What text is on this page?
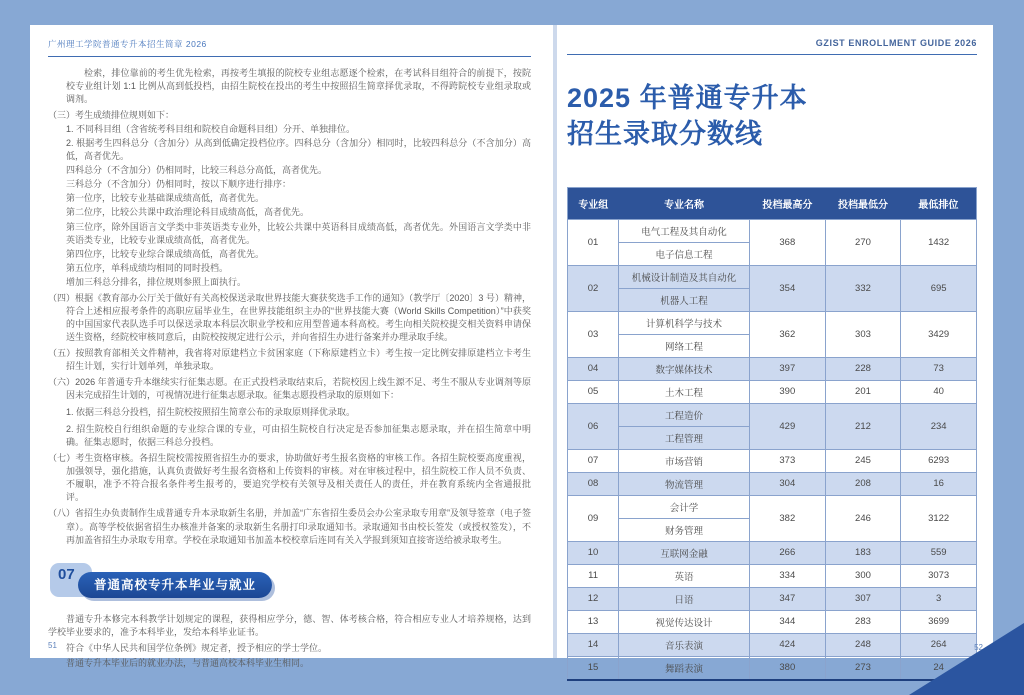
广州理工学院普通专升本招生简章 2026

检索，排位靠前的考生优先检索，再按考生填报的院校专业组志愿逐个检索，在考试科目组符合的前提下，按院校专业组计划 1:1 比例从高到低投档，由招生院校在投出的考生中按照招生简章择优录取，不得跨院校专业组录取或调剂。

（三）考生成绩排位规则如下：

1. 不同科目组（含省统考科目组和院校自命题科目组）分开、单独排位。

2. 根据考生四科总分（含加分）从高到低确定投档位序。四科总分（含加分）相同时，比较四科总分（不含加分）高低，高者优先。

四科总分（不含加分）仍相同时，比较三科总分高低，高者优先。

三科总分（不含加分）仍相同时，按以下顺序进行排序：

第一位序，比较专业基础课成绩高低，高者优先。

第二位序，比较公共课中政治理论科目成绩高低，高者优先。

第三位序，除外国语言文学类中非英语类专业外，比较公共课中英语科目成绩高低，高者优先。外国语言文学类中非英语类专业，比较专业课成绩高低，高者优先。

第四位序，比较专业综合课成绩高低，高者优先。

第五位序，单科成绩均相同的同时投档。

增加三科总分排名，排位规则参照上面执行。

（四）根据《教育部办公厅关于做好有关高校保送录取世界技能大赛获奖选手工作的通知》（教学厅〔2020〕3 号）精神，符合上述相应报考条件的高职应届毕业生，在世界技能组织主办的“世界技能大赛（World Skills Competition）”中获奖的中国国家代表队选手可以保送录取本科层次职业学校和应用型普通本科高校。考生向相关院校提交相关资料申请保送生资格，经院校审核同意后，由院校按规定进行公示，并向省招生办进行备案并办理录取手续。

（五）按照教育部相关文件精神，我省将对原建档立卡贫困家庭（下称原建档立卡）考生按一定比例安排原建档立卡考生招生计划，实行计划单列，单独录取。

（六）2026 年普通专升本继续实行征集志愿。在正式投档录取结束后，若院校因上线生源不足、考生不服从专业调剂等原因未完成招生计划的，可视情况进行征集志愿录取。征集志愿投档录取的原则如下：

1. 依据三科总分投档，招生院校按照招生简章公布的录取原则择优录取。

2. 招生院校自行组织命题的专业综合课的专业，可由招生院校自行决定是否参加征集志愿录取，并在招生简章中明确。征集志愿时，依据三科总分投档。

（七）考生资格审核。各招生院校需按照省招生办的要求，协助做好考生报名资格的审核工作。各招生院校要高度重视，加强领导，强化措施，认真负责做好考生报名资格和上传资料的审核。对在审核过程中，招生院校工作人员不负责、不履职，准予不符合报名条件考生报考的，要追究学校有关领导及相关责任人的责任，并在教育系统内全省通报批评。

（八）省招生办负责制作生成普通专升本录取新生名册，并加盖“广东省招生委员会办公室录取专用章”及领导签章（电子签章）。高等学校依据省招生办核准并备案的录取新生名册打印录取通知书。录取通知书由校长签发（或授权签发），不再加盖省招生办录取专用章。学校在录取通知书加盖本校校章后连同有关入学报到须知直接寄送给被录取考生。

07
普通高校专升本毕业与就业

普通专升本修完本科教学计划规定的课程，获得相应学分，德、智、体考核合格，符合相应专业人才培养规格，达到学校毕业要求的，准予本科毕业，发给本科毕业证书。

符合《中华人民共和国学位条例》规定者，授予相应的学士学位。

普通专升本毕业后的就业办法，与普通高校本科毕业生相同。

51
GZIST ENROLLMENT GUIDE 2026
2025 年普通专升本
招生录取分数线
专业组	专业名称	投档最高分	投档最低分	最低排位
01	电气工程及其自动化	368	270	1432
	电子信息工程			
02	机械设计制造及其自动化	354	332	695
	机器人工程			
03	计算机科学与技术	362	303	3429
	网络工程			
04	数字媒体技术	397	228	73
05	土木工程	390	201	40
06	工程造价	429	212	234
	工程管理			
07	市场营销	373	245	6293
08	物流管理	304	208	16
09	会计学	382	246	3122
	财务管理			
10	互联网金融	266	183	559
11	英语	334	300	3073
12	日语	347	307	3
13	视觉传达设计	344	283	3699
14	音乐表演	424	248	264
15	舞蹈表演	380	273	24
52
